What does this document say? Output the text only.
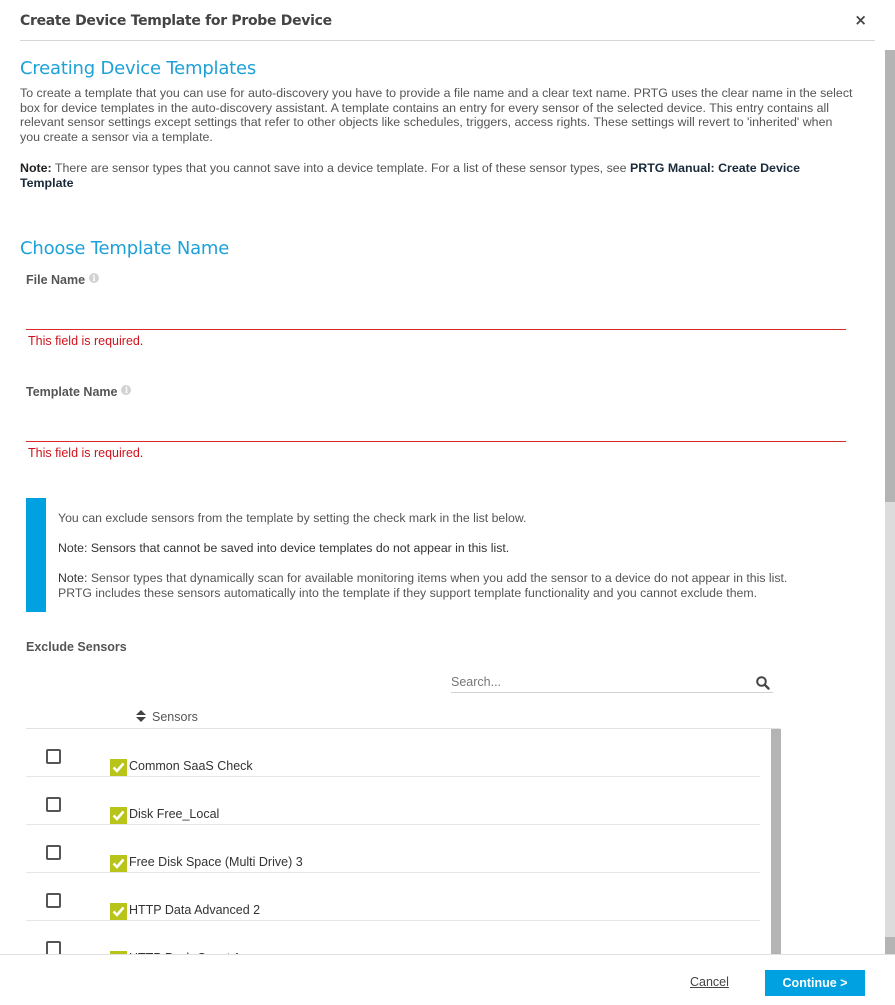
Create Device Template for Probe Device	×
Creating Device Templates

To create a template that you can use for auto-discovery you have to provide a file name and a clear text name. PRTG uses the clear name in the select box for device templates in the auto-discovery assistant. A template contains an entry for every sensor of the selected device. This entry contains all relevant sensor settings except settings that refer to other objects like schedules, triggers, access rights. These settings will revert to 'inherited' when you create a sensor via a template.

Note: There are sensor types that you cannot save into a device template. For a list of these sensor types, see PRTG Manual: Create Device Template

Choose Template Name
File Name i
This field is required.
Template Name i
This field is required.
You can exclude sensors from the template by setting the check mark in the list below.
Note: Sensors that cannot be saved into device templates do not appear in this list.
Note: Sensor types that dynamically scan for available monitoring items when you add the sensor to a device do not appear in this list. PRTG includes these sensors automatically into the template if they support template functionality and you cannot exclude them.
Exclude Sensors
Search...
Sensors
Common SaaS Check
Disk Free_Local
Free Disk Space (Multi Drive) 3
HTTP Data Advanced 2
Cancel	Continue >
